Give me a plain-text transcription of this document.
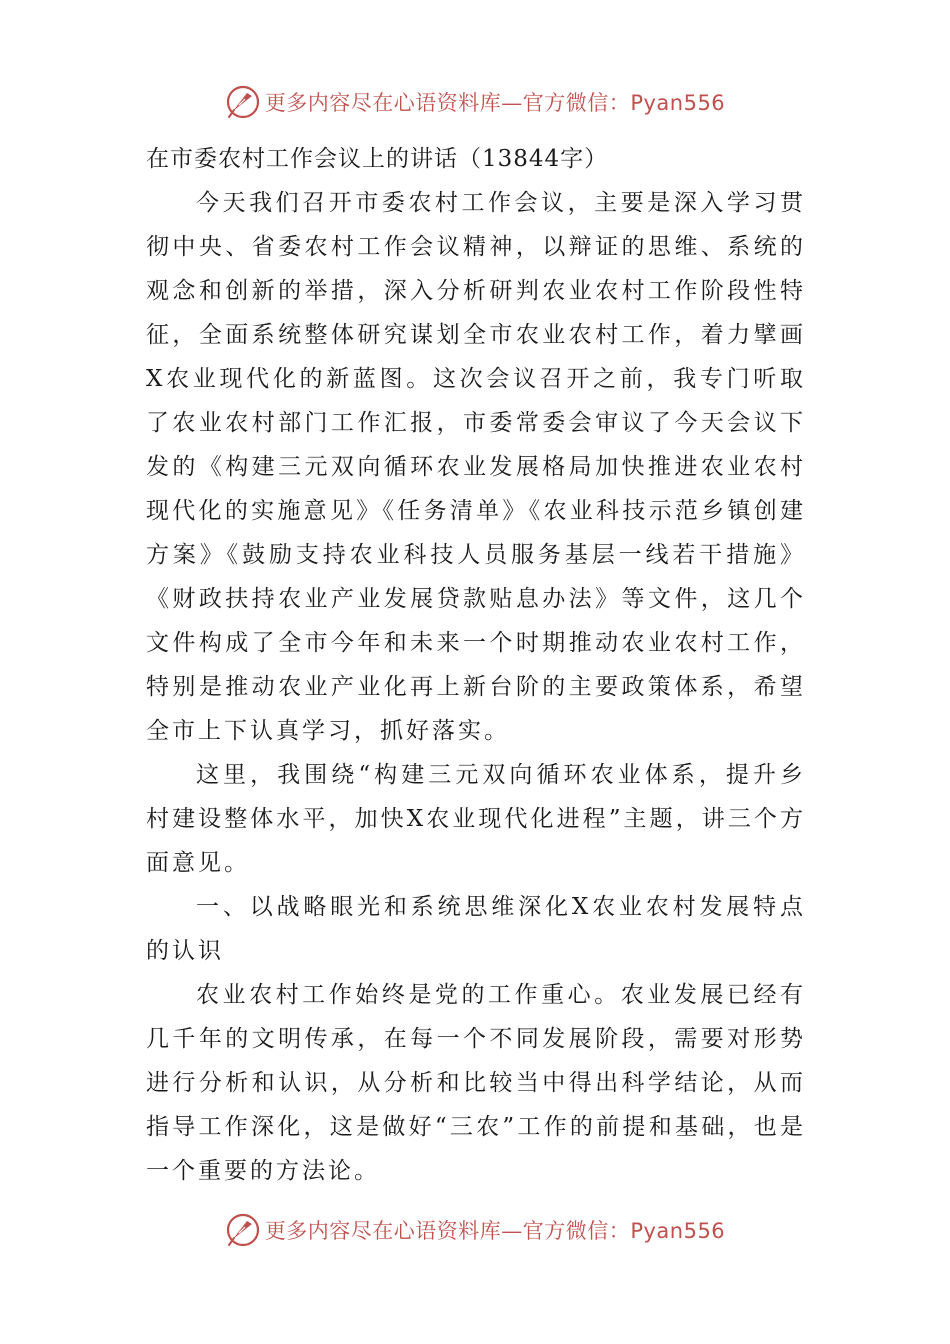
更多内容尽在心语资料库—官方微信：Pyan556

在市委农村工作会议上的讲话（13844字）

今天我们召开市委农村工作会议，主要是深入学习贯彻中央、省委农村工作会议精神，以辩证的思维、系统的观念和创新的举措，深入分析研判农业农村工作阶段性特征，全面系统整体研究谋划全市农业农村工作，着力擘画X农业现代化的新蓝图。这次会议召开之前，我专门听取了农业农村部门工作汇报，市委常委会审议了今天会议下发的《构建三元双向循环农业发展格局加快推进农业农村现代化的实施意见》《任务清单》《农业科技示范乡镇创建方案》《鼓励支持农业科技人员服务基层一线若干措施》《财政扶持农业产业发展贷款贴息办法》等文件，这几个文件构成了全市今年和未来一个时期推动农业农村工作，特别是推动农业产业化再上新台阶的主要政策体系，希望全市上下认真学习，抓好落实。

这里，我围绕“构建三元双向循环农业体系，提升乡村建设整体水平，加快X农业现代化进程”主题，讲三个方面意见。

一、以战略眼光和系统思维深化X农业农村发展特点的认识

农业农村工作始终是党的工作重心。农业发展已经有几千年的文明传承，在每一个不同发展阶段，需要对形势进行分析和认识，从分析和比较当中得出科学结论，从而指导工作深化，这是做好“三农”工作的前提和基础，也是一个重要的方法论。

更多内容尽在心语资料库—官方微信：Pyan556
